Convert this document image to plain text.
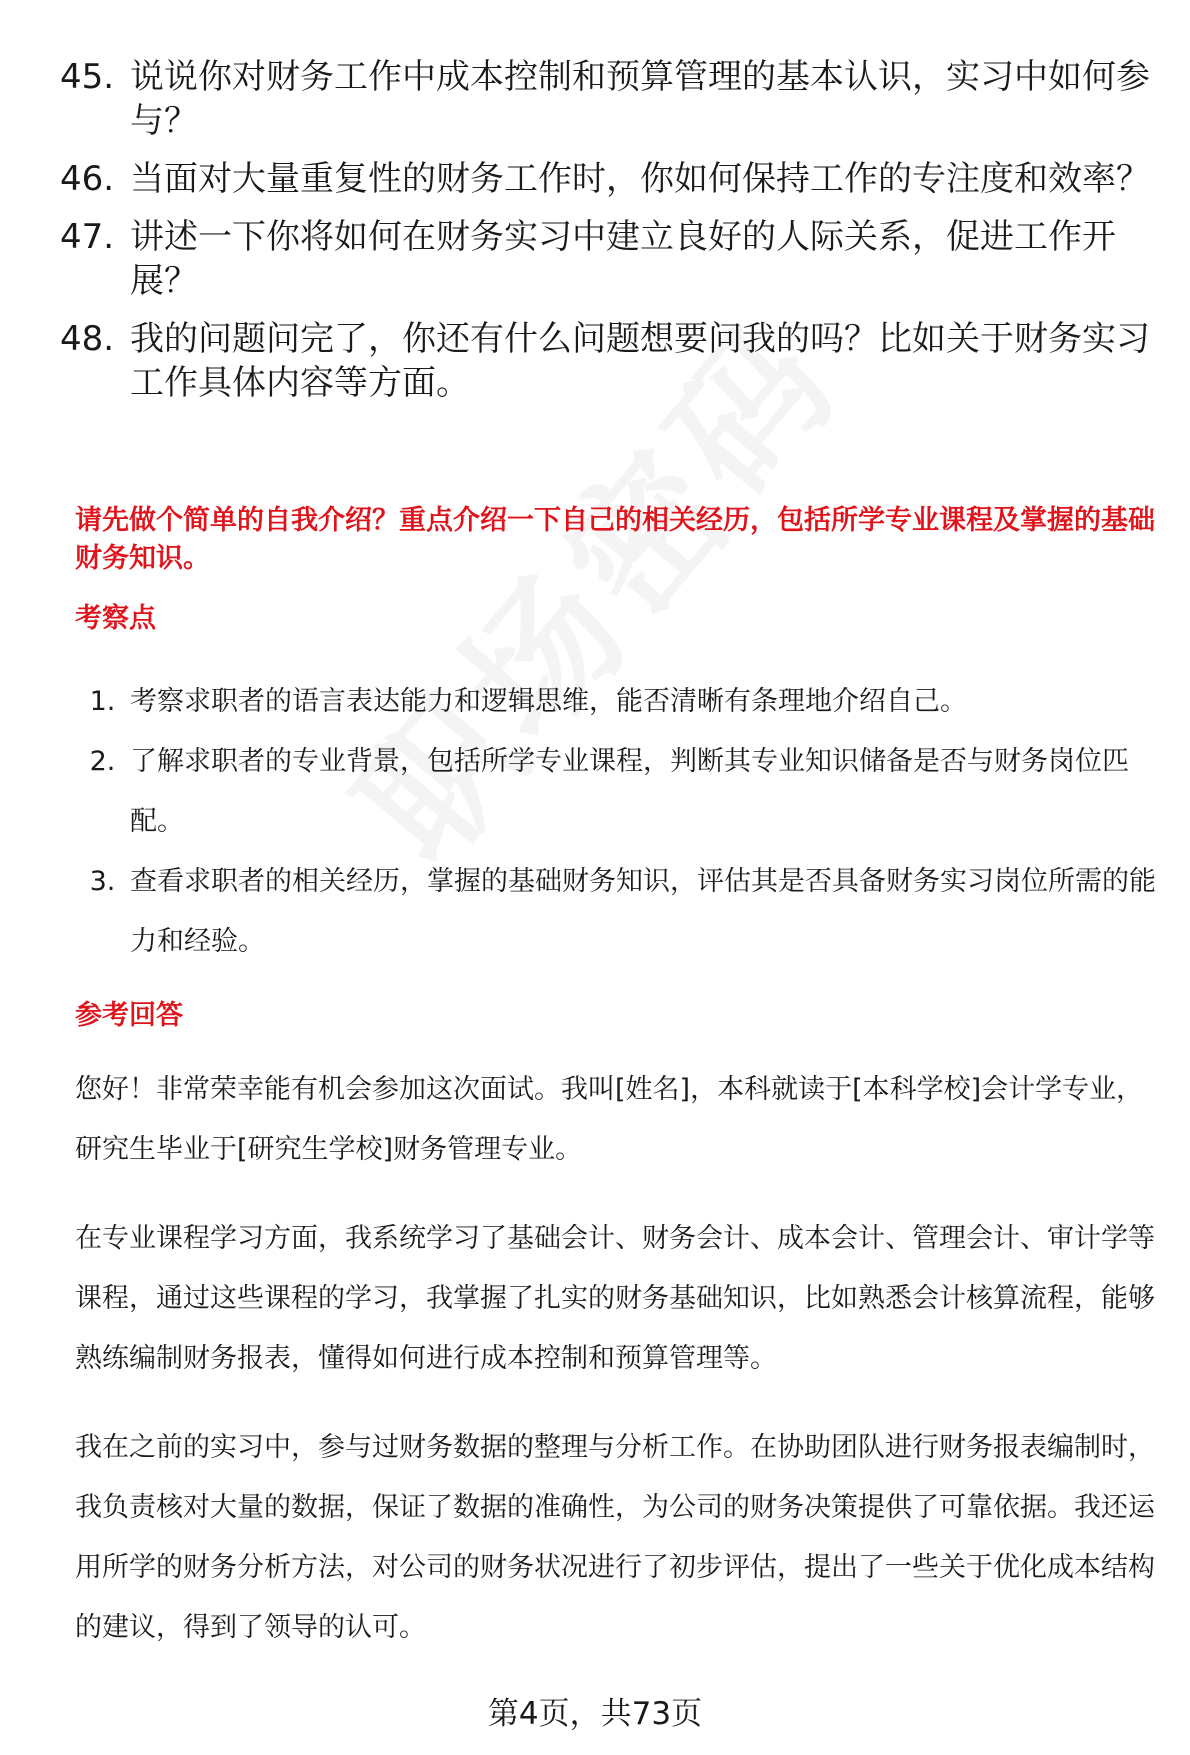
45. 说说你对财务工作中成本控制和预算管理的基本认识，实习中如何参与？
46. 当面对大量重复性的财务工作时，你如何保持工作的专注度和效率？
47. 讲述一下你将如何在财务实习中建立良好的人际关系，促进工作开展？
48. 我的问题问完了，你还有什么问题想要问我的吗？比如关于财务实习工作具体内容等方面。
请先做个简单的自我介绍？重点介绍一下自己的相关经历，包括所学专业课程及掌握的基础财务知识。
考察点
1. 考察求职者的语言表达能力和逻辑思维，能否清晰有条理地介绍自己。
2. 了解求职者的专业背景，包括所学专业课程，判断其专业知识储备是否与财务岗位匹配。
3. 查看求职者的相关经历，掌握的基础财务知识，评估其是否具备财务实习岗位所需的能力和经验。
参考回答

您好！非常荣幸能有机会参加这次面试。我叫[姓名]，本科就读于[本科学校]会计学专业，研究生毕业于[研究生学校]财务管理专业。

在专业课程学习方面，我系统学习了基础会计、财务会计、成本会计、管理会计、审计学等课程，通过这些课程的学习，我掌握了扎实的财务基础知识，比如熟悉会计核算流程，能够熟练编制财务报表，懂得如何进行成本控制和预算管理等。

我在之前的实习中，参与过财务数据的整理与分析工作。在协助团队进行财务报表编制时，我负责核对大量的数据，保证了数据的准确性，为公司的财务决策提供了可靠依据。我还运用所学的财务分析方法，对公司的财务状况进行了初步评估，提出了一些关于优化成本结构的建议，得到了领导的认可。

第4页，共73页
